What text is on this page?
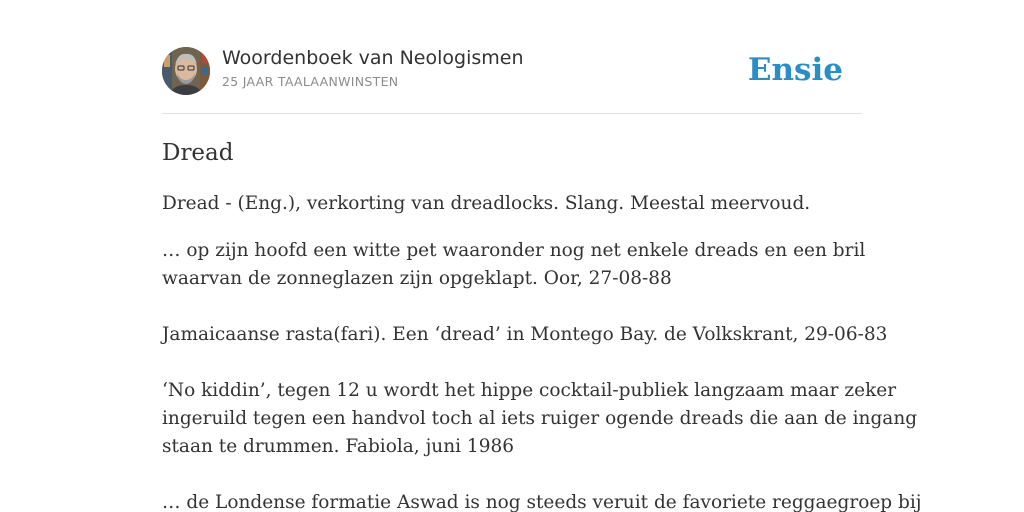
Woordenboek van Neologismen
25 JAAR TAALAANWINSTEN	Ensie
Dread

Dread - (Eng.), verkorting van dreadlocks. Slang. Meestal meervoud.

… op zijn hoofd een witte pet waaronder nog net enkele dreads en een bril
waarvan de zonneglazen zijn opgeklapt. Oor, 27-08-88

Jamaicaanse rasta(fari). Een ‘dread’ in Montego Bay. de Volkskrant, 29-06-83

‘No kiddin’, tegen 12 u wordt het hippe cocktail-publiek langzaam maar zeker
ingeruild tegen een handvol toch al iets ruiger ogende dreads die aan de ingang
staan te drummen. Fabiola, juni 1986

… de Londense formatie Aswad is nog steeds veruit de favoriete reggaegroep bij
